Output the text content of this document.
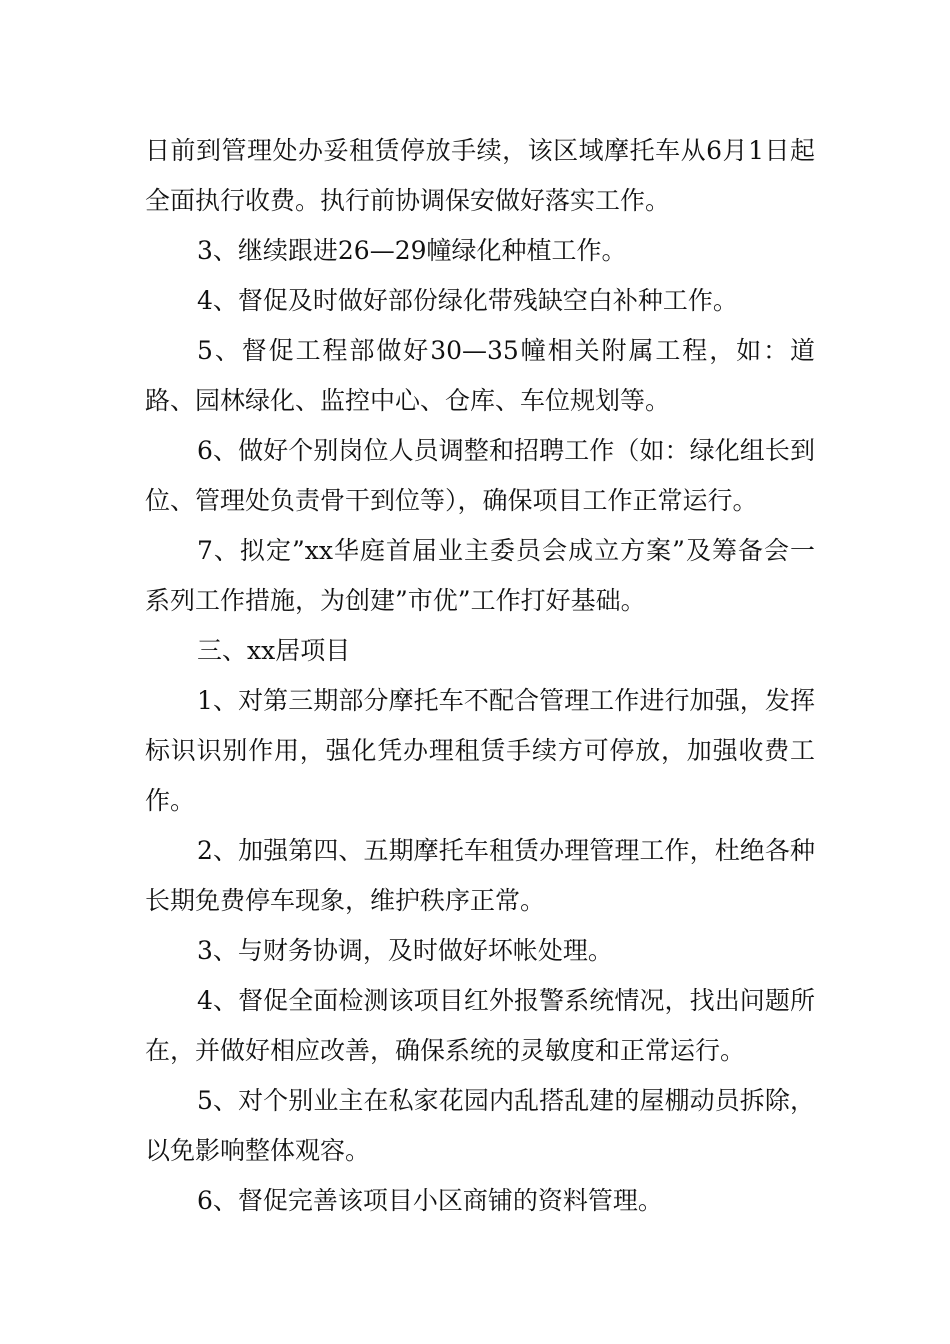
日前到管理处办妥租赁停放手续，该区域摩托车从6月1日起全面执行收费。执行前协调保安做好落实工作。

3、继续跟进26—29幢绿化种植工作。

4、督促及时做好部份绿化带残缺空白补种工作。

5、督促工程部做好30—35幢相关附属工程，如：道路、园林绿化、监控中心、仓库、车位规划等。

6、做好个别岗位人员调整和招聘工作（如：绿化组长到位、管理处负责骨干到位等），确保项目工作正常运行。

7、拟定”xx华庭首届业主委员会成立方案”及筹备会一系列工作措施，为创建”市优”工作打好基础。

三、xx居项目

1、对第三期部分摩托车不配合管理工作进行加强，发挥标识识别作用，强化凭办理租赁手续方可停放，加强收费工作。

2、加强第四、五期摩托车租赁办理管理工作，杜绝各种长期免费停车现象，维护秩序正常。

3、与财务协调，及时做好坏帐处理。

4、督促全面检测该项目红外报警系统情况，找出问题所在，并做好相应改善，确保系统的灵敏度和正常运行。

5、对个别业主在私家花园内乱搭乱建的屋棚动员拆除，以免影响整体观容。

6、督促完善该项目小区商铺的资料管理。
